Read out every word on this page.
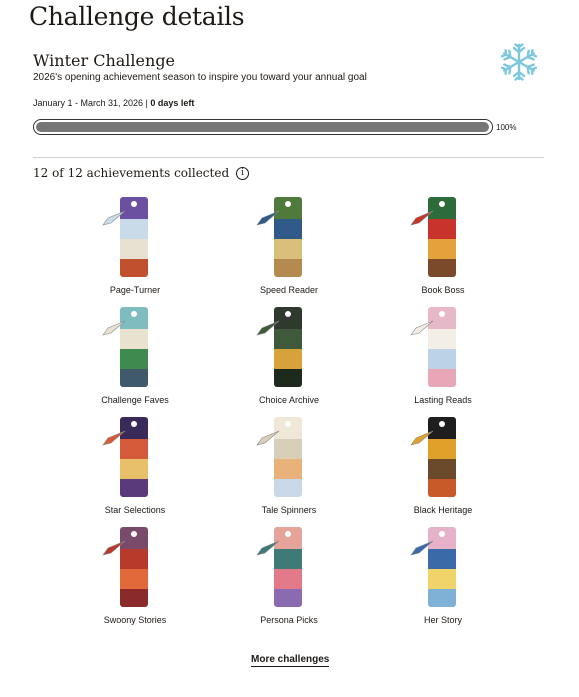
Challenge details
Winter Challenge
2026's opening achievement season to inspire you toward your annual goal
January 1 - March 31, 2026 | 0 days left
100%
12 of 12 achievements collected	i
Page-Turner	Speed Reader	Book Boss
Challenge Faves	Choice Archive	Lasting Reads
Star Selections	Tale Spinners	Black Heritage
Swoony Stories	Persona Picks	Her Story
More challenges
